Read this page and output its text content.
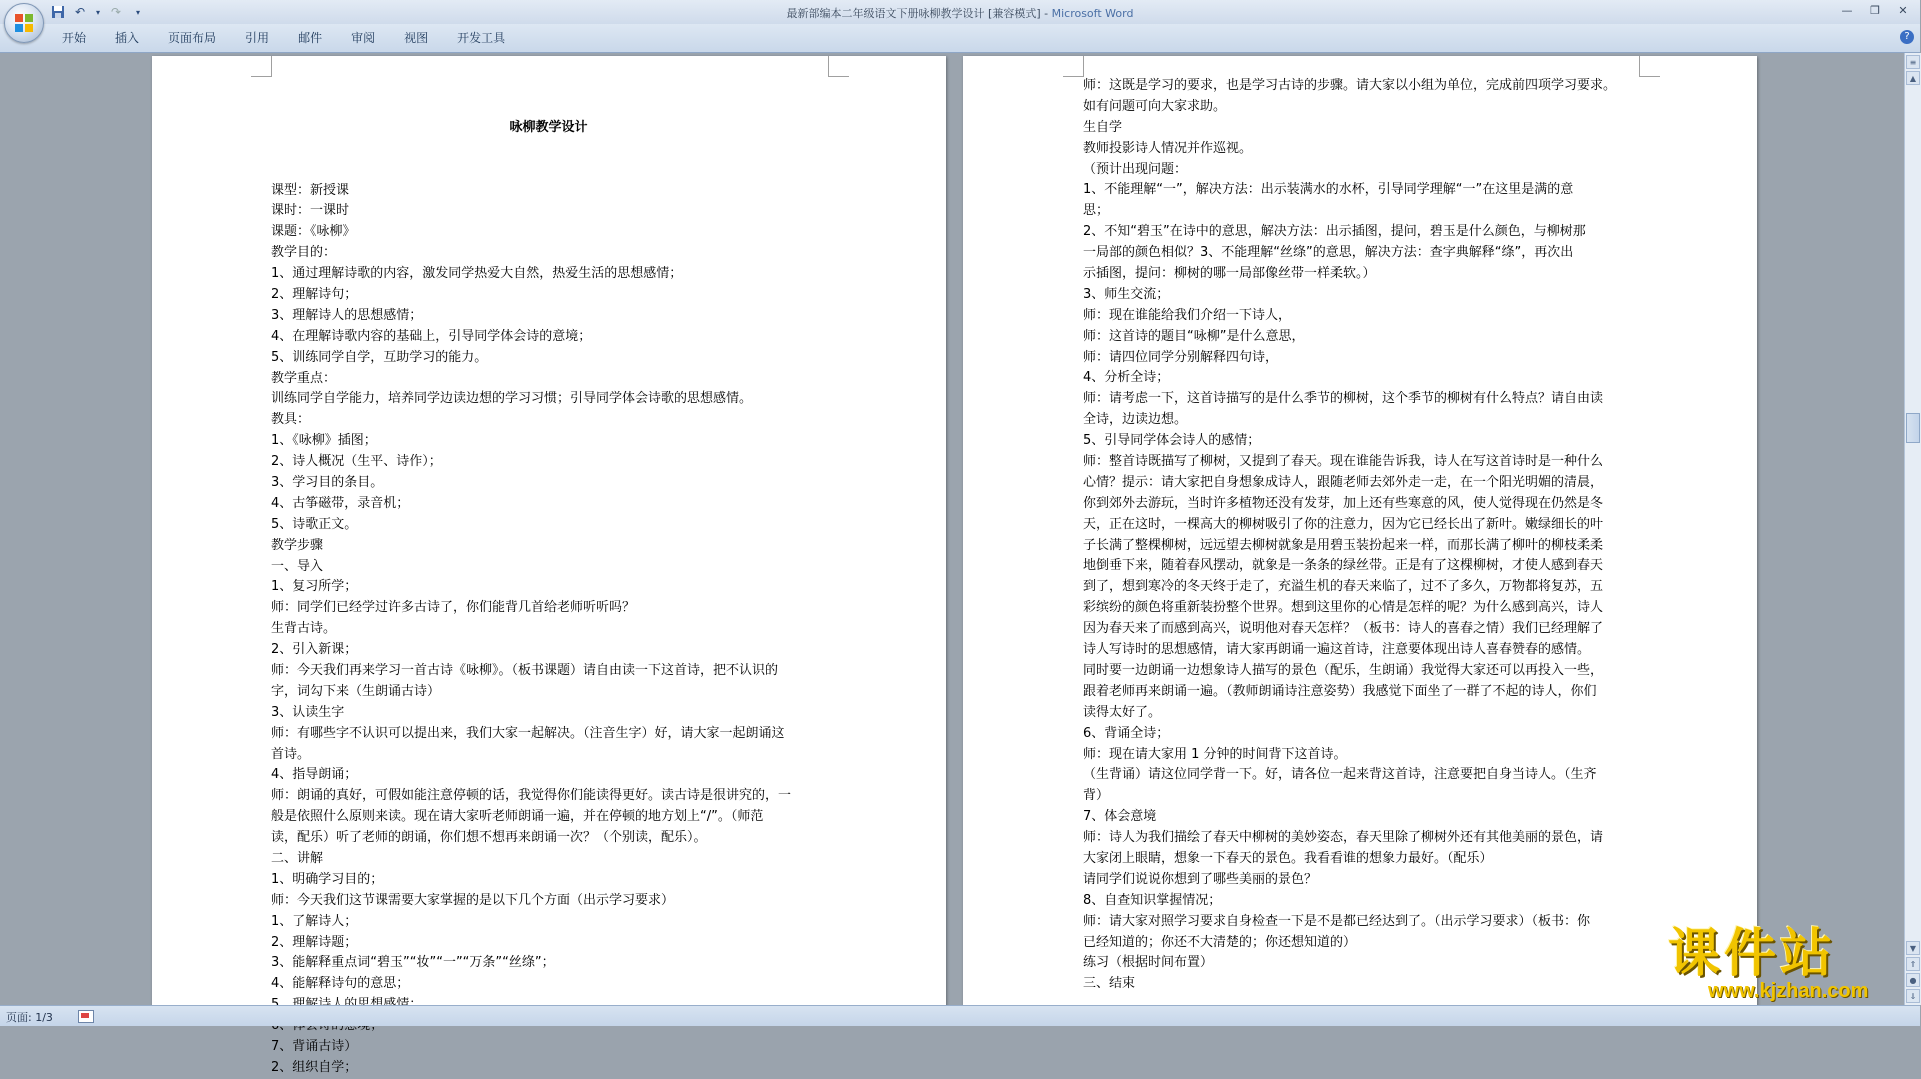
↶	▾ ↷	▾	最新部编本二年级语文下册咏柳教学设计 [兼容模式] - Microsoft Word	—	❐	✕
开始	插入	页面布局	引用	邮件	审阅	视图	开发工具	?

咏柳教学设计

课型：新授课
课时：一课时
课题：《咏柳》
教学目的：
1、通过理解诗歌的内容，激发同学热爱大自然，热爱生活的思想感情；
2、理解诗句；
3、理解诗人的思想感情；
4、在理解诗歌内容的基础上，引导同学体会诗的意境；
5、训练同学自学，互助学习的能力。
教学重点：
训练同学自学能力，培养同学边读边想的学习习惯；引导同学体会诗歌的思想感情。
教具：
1、《咏柳》插图；
2、诗人概况（生平、诗作）；
3、学习目的条目。
4、古筝磁带，录音机；
5、诗歌正文。
教学步骤
一、导入
1、复习所学；
师：同学们已经学过许多古诗了，你们能背几首给老师听听吗？
生背古诗。
2、引入新课；
师：今天我们再来学习一首古诗《咏柳》。（板书课题）请自由读一下这首诗，把不认识的
字，词勾下来（生朗诵古诗）
3、认读生字
师：有哪些字不认识可以提出来，我们大家一起解决。（注音生字）好，请大家一起朗诵这
首诗。
4、指导朗诵；
师：朗诵的真好，可假如能注意停顿的话，我觉得你们能读得更好。读古诗是很讲究的，一
般是依照什么原则来读。现在请大家听老师朗诵一遍，并在停顿的地方划上“/”。（师范
读，配乐）听了老师的朗诵，你们想不想再来朗诵一次？（个别读，配乐）。
二、讲解
1、明确学习目的；
师：今天我们这节课需要大家掌握的是以下几个方面（出示学习要求）
1、了解诗人；
2、理解诗题；
3、能解释重点词“碧玉”“妆”“一”“万条”“丝绦”；
4、能解释诗句的意思；
7、背诵古诗）
2、组织自学；
师：这既是学习的要求，也是学习古诗的步骤。请大家以小组为单位，完成前四项学习要求。
如有问题可向大家求助。
生自学
教师投影诗人情况并作巡视。
（预计出现问题：
1、不能理解“一”，解决方法：出示装满水的水杯，引导同学理解“一”在这里是满的意
思；
2、不知“碧玉”在诗中的意思，解决方法：出示插图，提问，碧玉是什么颜色，与柳树那
一局部的颜色相似？3、不能理解“丝绦”的意思，解决方法：查字典解释“绦”，再次出
示插图，提问：柳树的哪一局部像丝带一样柔软。）
3、师生交流；
师：现在谁能给我们介绍一下诗人，
师：这首诗的题目“咏柳”是什么意思，
师：请四位同学分别解释四句诗，
4、分析全诗；
师：请考虑一下，这首诗描写的是什么季节的柳树，这个季节的柳树有什么特点？请自由读
全诗，边读边想。
5、引导同学体会诗人的感情；
师：整首诗既描写了柳树，又提到了春天。现在谁能告诉我，诗人在写这首诗时是一种什么
心情？提示：请大家把自身想象成诗人，跟随老师去郊外走一走，在一个阳光明媚的清晨，
你到郊外去游玩，当时许多植物还没有发芽，加上还有些寒意的风，使人觉得现在仍然是冬
天，正在这时，一棵高大的柳树吸引了你的注意力，因为它已经长出了新叶。嫩绿细长的叶
子长满了整棵柳树，远远望去柳树就象是用碧玉装扮起来一样，而那长满了柳叶的柳枝柔柔
地倒垂下来，随着春风摆动，就象是一条条的绿丝带。正是有了这棵柳树，才使人感到春天
到了，想到寒冷的冬天终于走了，充溢生机的春天来临了，过不了多久，万物都将复苏，五
彩缤纷的颜色将重新装扮整个世界。想到这里你的心情是怎样的呢？为什么感到高兴，诗人
因为春天来了而感到高兴，说明他对春天怎样？（板书：诗人的喜春之情）我们已经理解了
诗人写诗时的思想感情，请大家再朗诵一遍这首诗，注意要体现出诗人喜春赞春的感情。
同时要一边朗诵一边想象诗人描写的景色（配乐，生朗诵）我觉得大家还可以再投入一些，
跟着老师再来朗诵一遍。（教师朗诵诗注意姿势）我感觉下面坐了一群了不起的诗人，你们
读得太好了。
6、背诵全诗；
师：现在请大家用 1 分钟的时间背下这首诗。
（生背诵）请这位同学背一下。好，请各位一起来背这首诗，注意要把自身当诗人。（生齐
背）
7、体会意境
师：诗人为我们描绘了春天中柳树的美妙姿态，春天里除了柳树外还有其他美丽的景色，请
大家闭上眼睛，想象一下春天的景色。我看看谁的想象力最好。（配乐）
请同学们说说你想到了哪些美丽的景色？
8、自查知识掌握情况；
师：请大家对照学习要求自身检查一下是不是都已经达到了。（出示学习要求）（板书：你
已经知道的；你还不大清楚的；你还想知道的）
练习（根据时间布置）
三、结束
≡
▲
▼
⇑
●
⇓
页面: 1/3
课件站
www.kjzhan.com
